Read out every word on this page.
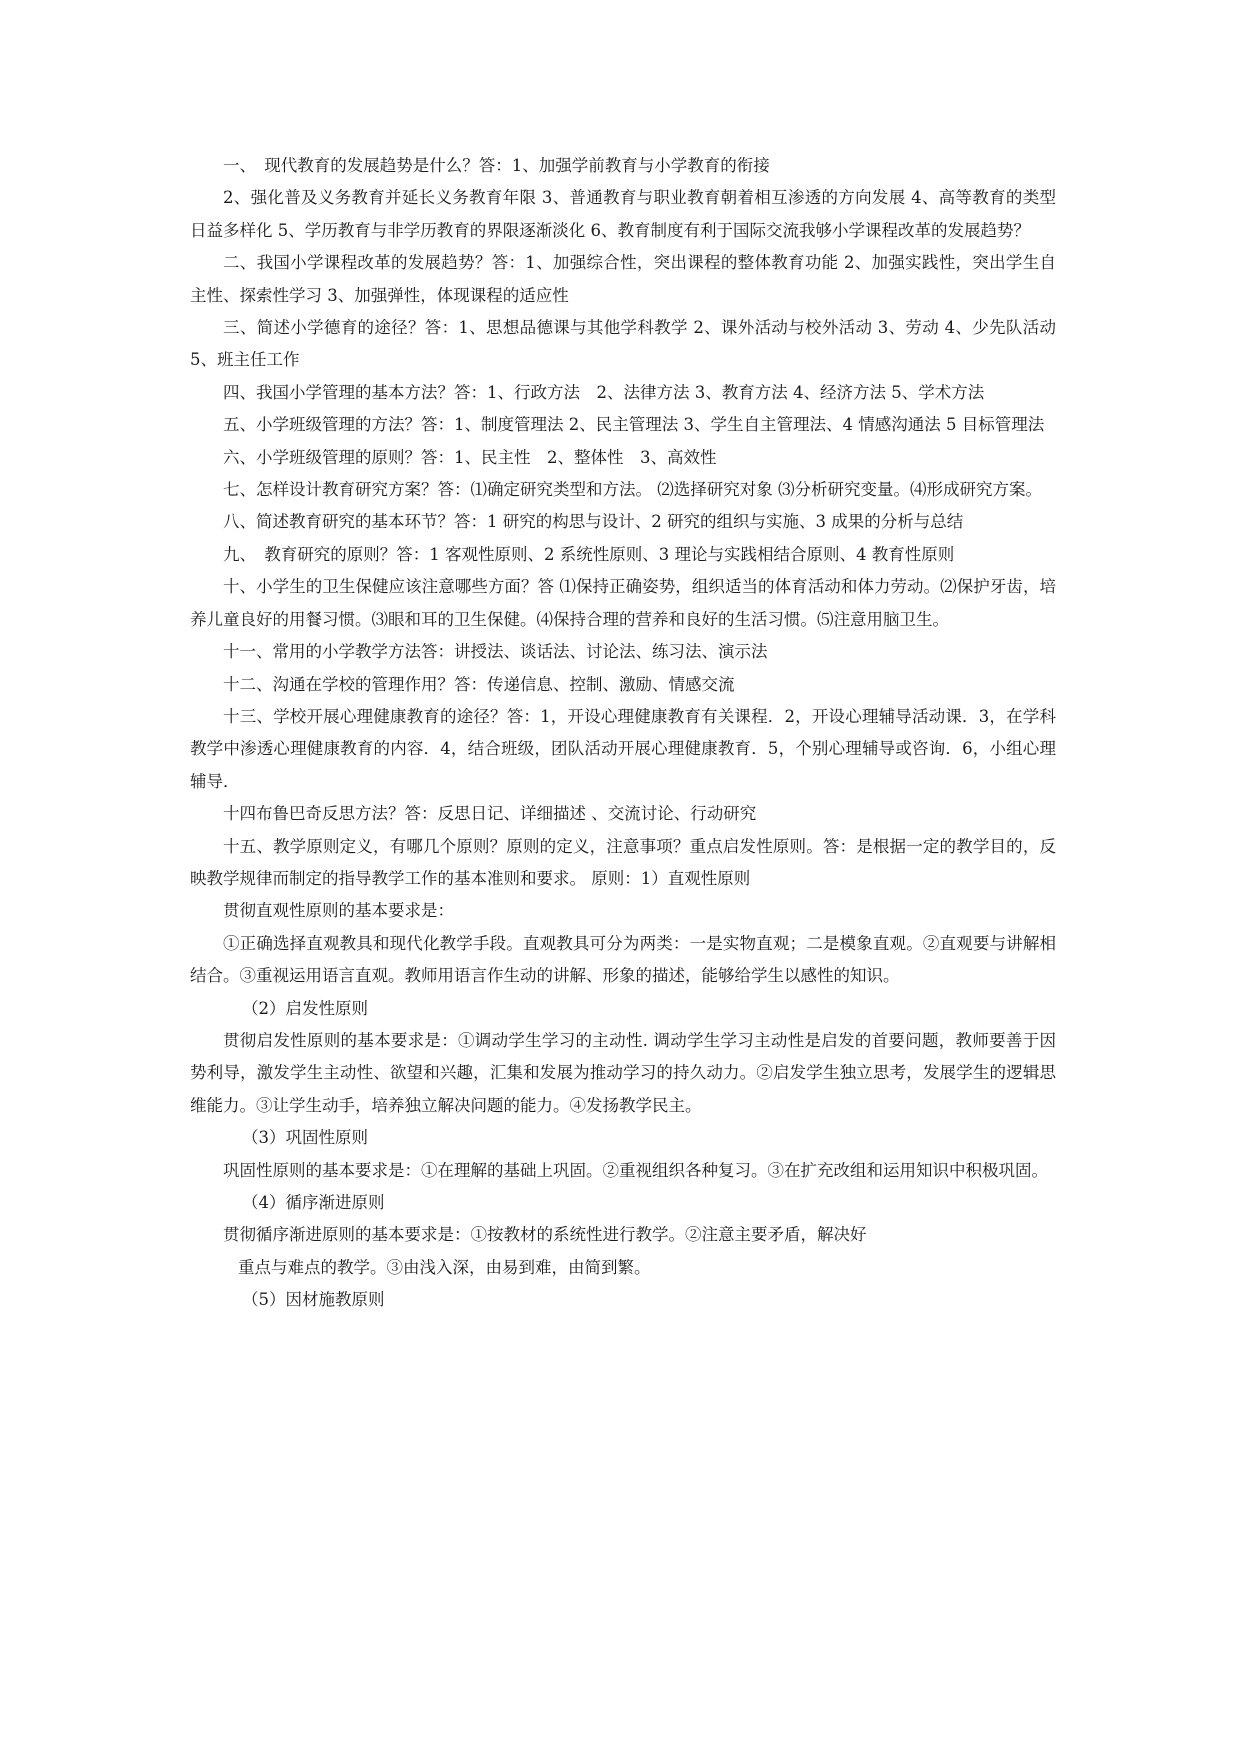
一、　现代教育的发展趋势是什么？答：1、加强学前教育与小学教育的衔接

2、强化普及义务教育并延长义务教育年限 3、普通教育与职业教育朝着相互渗透的方向发展 4、高等教育的类型日益多样化 5、学历教育与非学历教育的界限逐渐淡化 6、教育制度有利于国际交流我够小学课程改革的发展趋势？

二、我国小学课程改革的发展趋势？答：1、加强综合性，突出课程的整体教育功能 2、加强实践性，突出学生自主性、探索性学习 3、加强弹性，体现课程的适应性

三、简述小学德育的途径？答：1、思想品德课与其他学科教学 2、课外活动与校外活动 3、劳动 4、少先队活动 5、班主任工作

四、我国小学管理的基本方法？答：1、行政方法　2、法律方法 3、教育方法 4、经济方法 5、学术方法

五、小学班级管理的方法？答：1、制度管理法 2、民主管理法 3、学生自主管理法、4 情感沟通法 5 目标管理法

六、小学班级管理的原则？答：1、民主性　2、整体性　3、高效性

七、怎样设计教育研究方案？答：⑴确定研究类型和方法。 ⑵选择研究对象 ⑶分析研究变量。⑷形成研究方案。

八、简述教育研究的基本环节？答：1 研究的构思与设计、2 研究的组织与实施、3 成果的分析与总结

九、　教育研究的原则？答：1 客观性原则、2 系统性原则、3 理论与实践相结合原则、4 教育性原则

十、小学生的卫生保健应该注意哪些方面？答 ⑴保持正确姿势，组织适当的体育活动和体力劳动。⑵保护牙齿，培养儿童良好的用餐习惯。⑶眼和耳的卫生保健。⑷保持合理的营养和良好的生活习惯。⑸注意用脑卫生。

十一、常用的小学教学方法答：讲授法、谈话法、讨论法、练习法、演示法

十二、沟通在学校的管理作用？答：传递信息、控制、激励、情感交流

十三、学校开展心理健康教育的途径？答：1，开设心理健康教育有关课程．2，开设心理辅导活动课．3，在学科教学中渗透心理健康教育的内容．4，结合班级，团队活动开展心理健康教育．5，个别心理辅导或咨询．6，小组心理辅导．

十四布鲁巴奇反思方法？答：反思日记、详细描述 、交流讨论、行动研究

十五、教学原则定义，有哪几个原则？原则的定义，注意事项？重点启发性原则。答：是根据一定的教学目的，反映教学规律而制定的指导教学工作的基本准则和要求。 原则：1）直观性原则

贯彻直观性原则的基本要求是：

①正确选择直观教具和现代化教学手段。直观教具可分为两类：一是实物直观；二是模象直观。②直观要与讲解相结合。③重视运用语言直观。教师用语言作生动的讲解、形象的描述，能够给学生以感性的知识。

（2）启发性原则

贯彻启发性原则的基本要求是：①调动学生学习的主动性. 调动学生学习主动性是启发的首要问题，教师要善于因势利导，激发学生主动性、欲望和兴趣，汇集和发展为推动学习的持久动力。②启发学生独立思考，发展学生的逻辑思维能力。③让学生动手，培养独立解决问题的能力。④发扬教学民主。

（3）巩固性原则

巩固性原则的基本要求是：①在理解的基础上巩固。②重视组织各种复习。③在扩充改组和运用知识中积极巩固。

（4）循序渐进原则

贯彻循序渐进原则的基本要求是：①按教材的系统性进行教学。②注意主要矛盾，解决好

重点与难点的教学。③由浅入深，由易到难，由简到繁。

（5）因材施教原则
